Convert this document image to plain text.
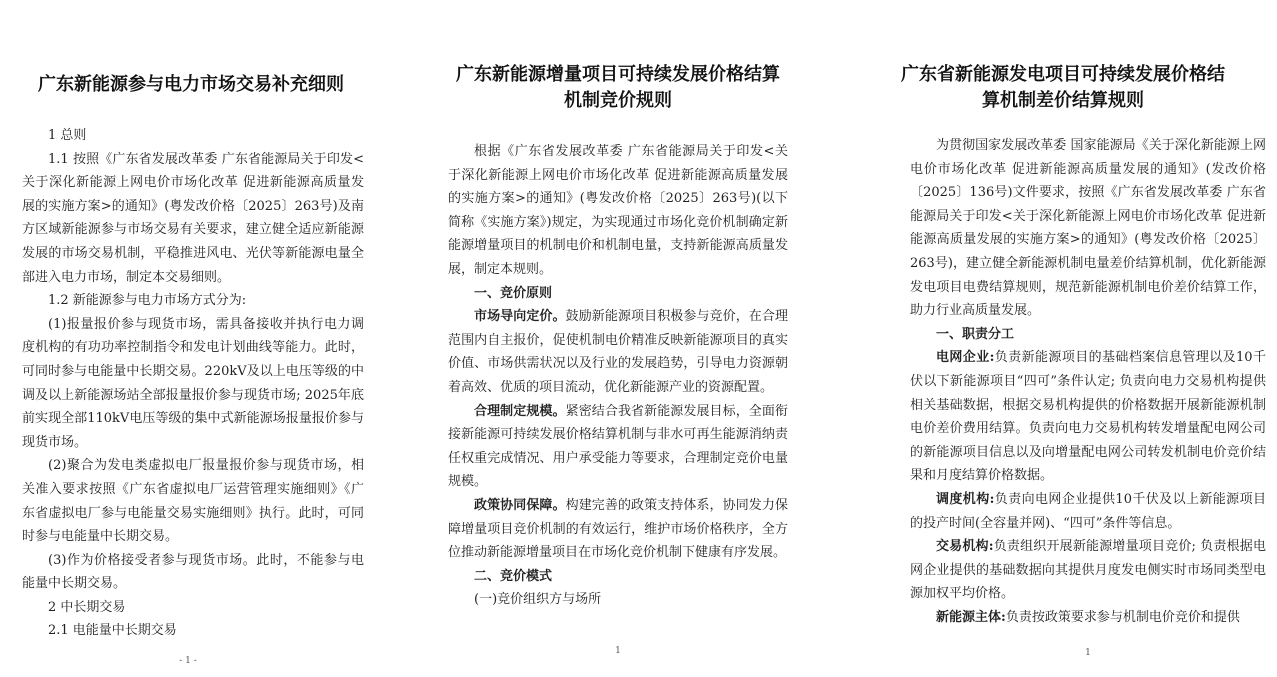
广东新能源参与电力市场交易补充细则

1 总则

1.1 按照《广东省发展改革委 广东省能源局关于印发<关于深化新能源上网电价市场化改革 促进新能源高质量发展的实施方案>的通知》(粤发改价格〔2025〕263号)及南方区域新能源参与市场交易有关要求，建立健全适应新能源发展的市场交易机制，平稳推进风电、光伏等新能源电量全部进入电力市场，制定本交易细则。

1.2 新能源参与电力市场方式分为:

(1)报量报价参与现货市场，需具备接收并执行电力调度机构的有功功率控制指令和发电计划曲线等能力。此时，可同时参与电能量中长期交易。220kV及以上电压等级的中调及以上新能源场站全部报量报价参与现货市场; 2025年底前实现全部110kV电压等级的集中式新能源场报量报价参与现货市场。

(2)聚合为发电类虚拟电厂报量报价参与现货市场，相关准入要求按照《广东省虚拟电厂运营管理实施细则》《广东省虚拟电厂参与电能量交易实施细则》执行。此时，可同时参与电能量中长期交易。

(3)作为价格接受者参与现货市场。此时，不能参与电能量中长期交易。

2 中长期交易

2.1 电能量中长期交易

- 1 -
广东新能源增量项目可持续发展价格结算
机制竞价规则

根据《广东省发展改革委 广东省能源局关于印发<关于深化新能源上网电价市场化改革 促进新能源高质量发展的实施方案>的通知》(粤发改价格〔2025〕263号)(以下简称《实施方案》)规定，为实现通过市场化竞价机制确定新能源增量项目的机制电价和机制电量，支持新能源高质量发展，制定本规则。

一、竞价原则

市场导向定价。鼓励新能源项目积极参与竞价，在合理范围内自主报价，促使机制电价精准反映新能源项目的真实价值、市场供需状况以及行业的发展趋势，引导电力资源朝着高效、优质的项目流动，优化新能源产业的资源配置。

合理制定规模。紧密结合我省新能源发展目标，全面衔接新能源可持续发展价格结算机制与非水可再生能源消纳责任权重完成情况、用户承受能力等要求，合理制定竞价电量规模。

政策协同保障。构建完善的政策支持体系，协同发力保障增量项目竞价机制的有效运行，维护市场价格秩序，全方位推动新能源增量项目在市场化竞价机制下健康有序发展。

二、竞价模式

(一)竞价组织方与场所

1
广东省新能源发电项目可持续发展价格结
算机制差价结算规则

为贯彻国家发展改革委 国家能源局《关于深化新能源上网电价市场化改革 促进新能源高质量发展的通知》(发改价格〔2025〕136号)文件要求，按照《广东省发展改革委 广东省能源局关于印发<关于深化新能源上网电价市场化改革 促进新能源高质量发展的实施方案>的通知》(粤发改价格〔2025〕263号)，建立健全新能源机制电量差价结算机制，优化新能源发电项目电费结算规则，规范新能源机制电价差价结算工作，助力行业高质量发展。

一、职责分工

电网企业:负责新能源项目的基础档案信息管理以及10千伏以下新能源项目“四可”条件认定; 负责向电力交易机构提供相关基础数据，根据交易机构提供的价格数据开展新能源机制电价差价费用结算。负责向电力交易机构转发增量配电网公司的新能源项目信息以及向增量配电网公司转发机制电价竞价结果和月度结算价格数据。

调度机构:负责向电网企业提供10千伏及以上新能源项目的投产时间(全容量并网)、“四可”条件等信息。

交易机构:负责组织开展新能源增量项目竞价; 负责根据电网企业提供的基础数据向其提供月度发电侧实时市场同类型电源加权平均价格。

新能源主体:负责按政策要求参与机制电价竞价和提供

1
